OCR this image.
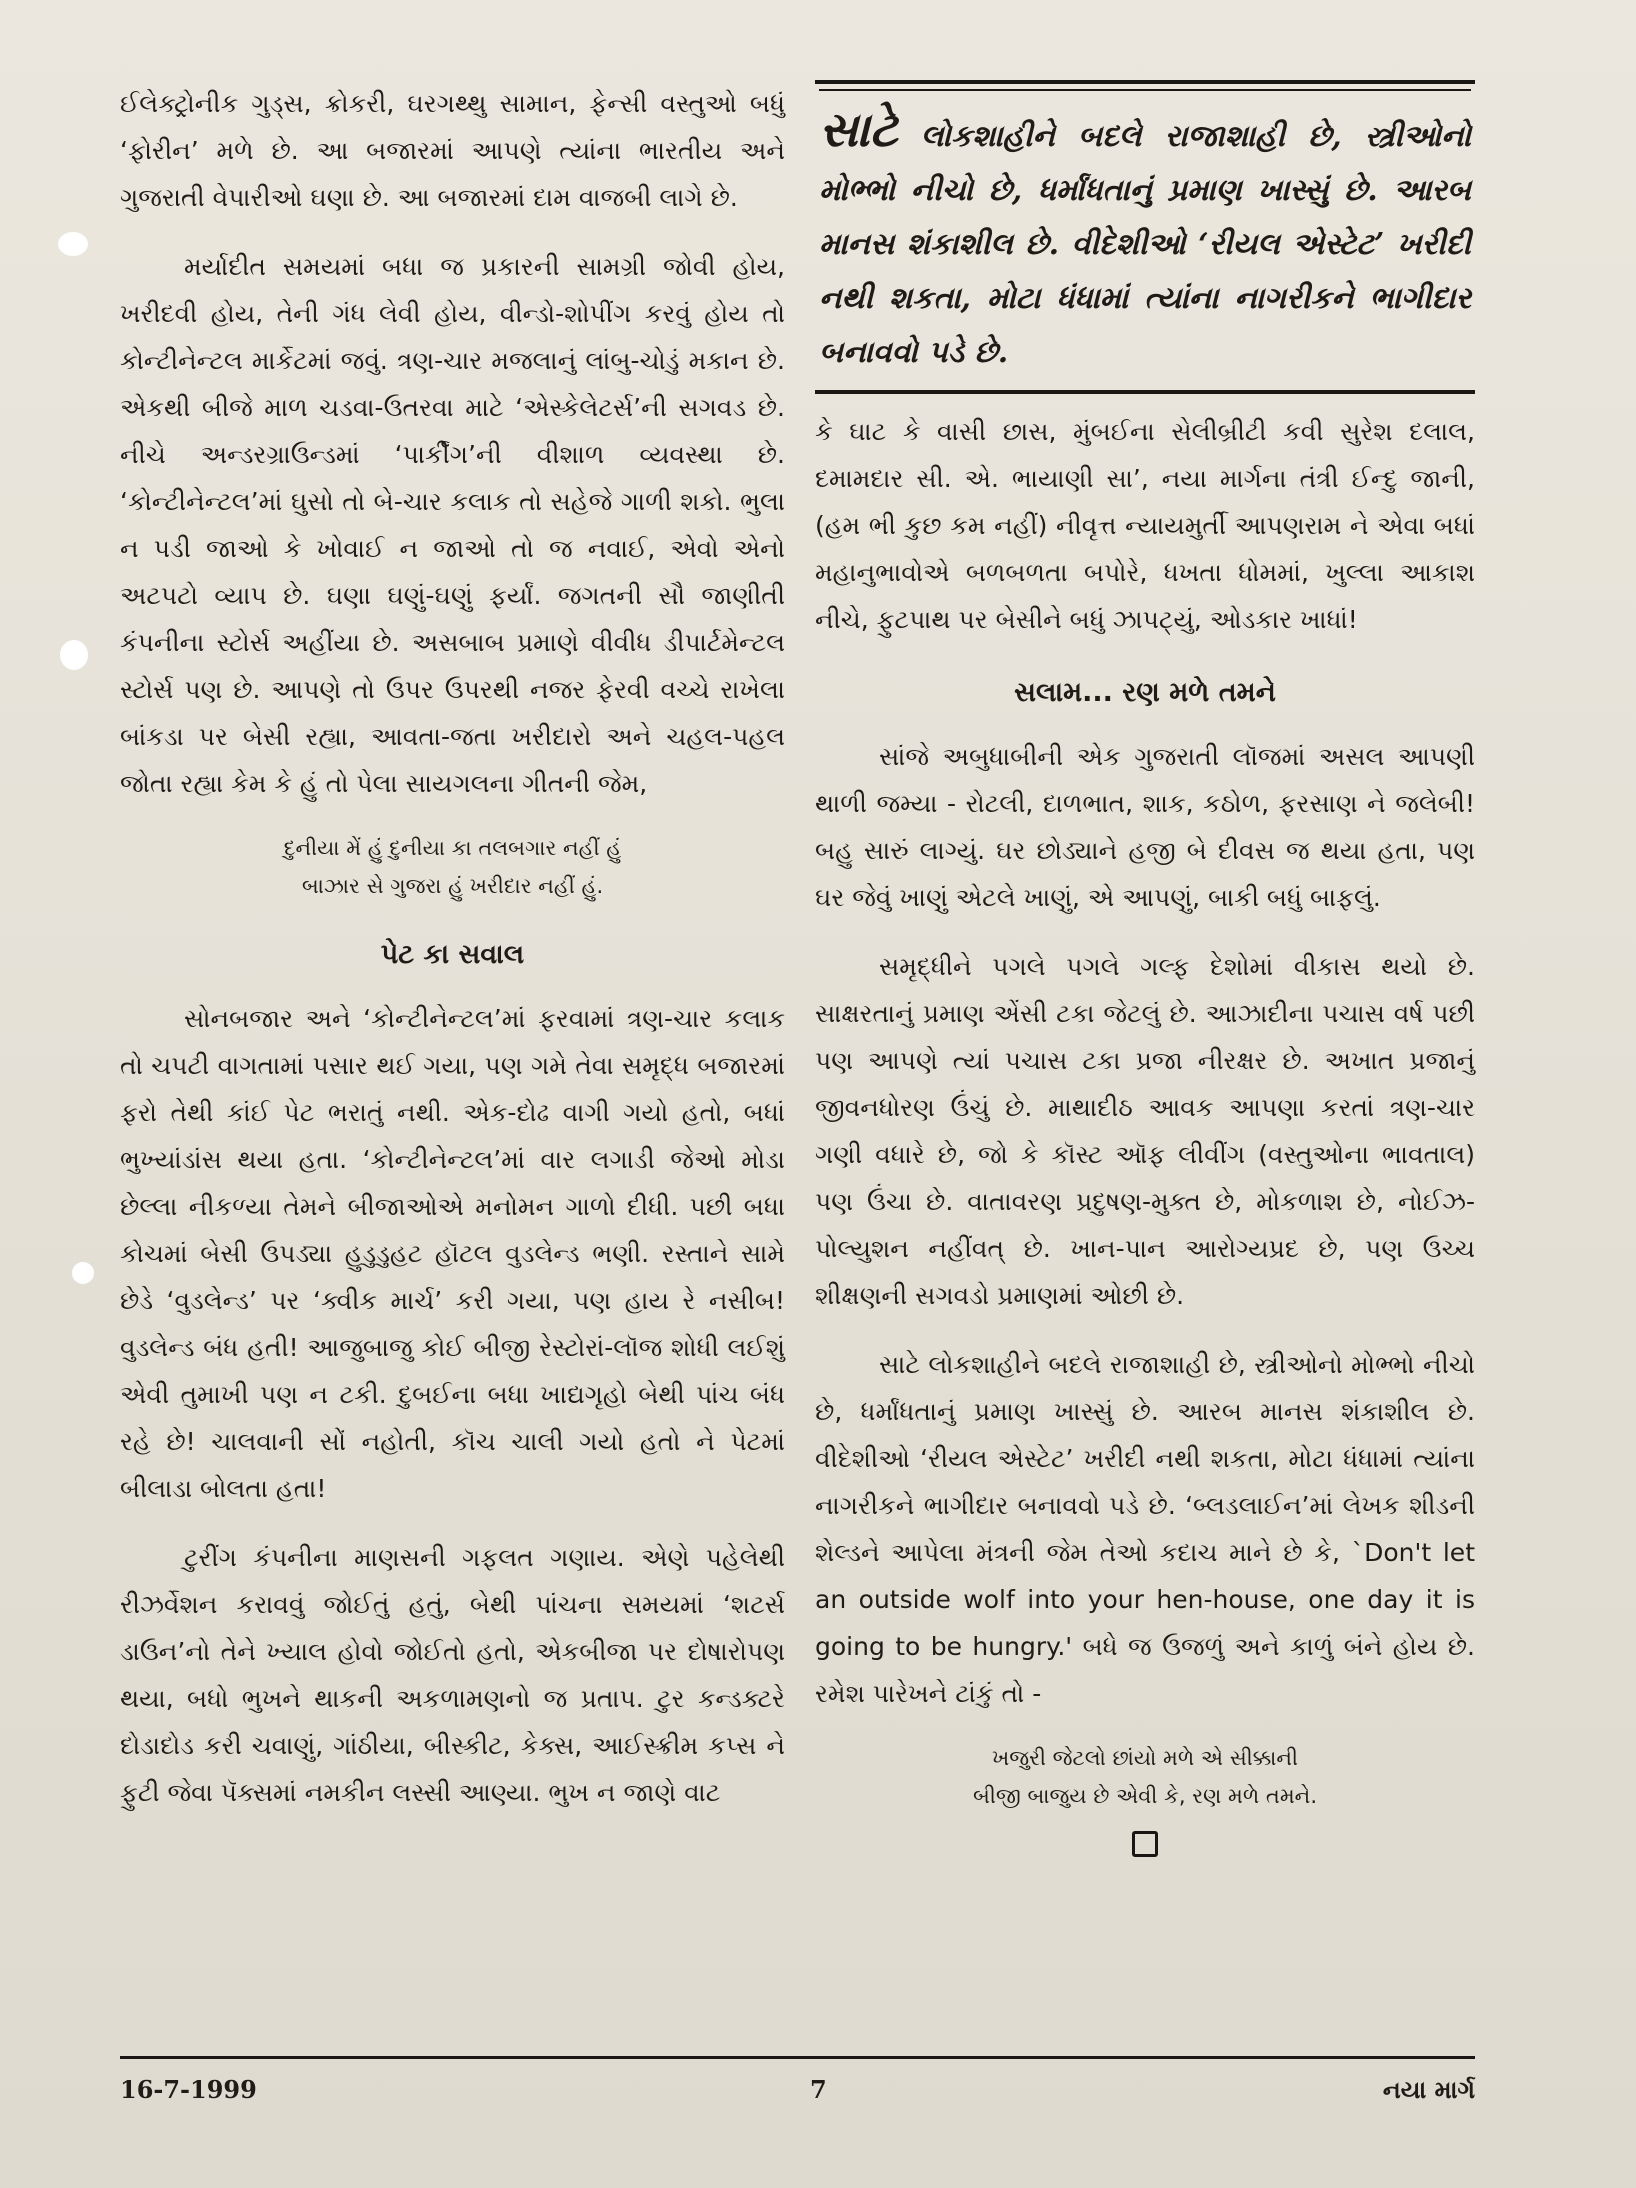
ઈલેક્ટ્રોનીક ગુડ્સ, ક્રોકરી, ઘરગથ્થુ સામાન, ફેન્સી વસ્તુઓ બધું ‘ફોરીન’ મળે છે. આ બજારમાં આપણે ત્યાંના ભારતીય અને ગુજરાતી વેપારીઓ ઘણા છે. આ બજારમાં દામ વાજબી લાગે છે.

મર્યાદીત સમયમાં બધા જ પ્રકારની સામગ્રી જોવી હોય, ખરીદવી હોય, તેની ગંધ લેવી હોય, વીન્ડો-શોપીંગ કરવું હોય તો કોન્ટીનેન્ટલ માર્કેટમાં જવું. ત્રણ-ચાર મજલાનું લાંબુ-ચોડું મકાન છે. એકથી બીજે માળ ચડવા-ઉતરવા માટે ‘એસ્કેલેટર્સ’ની સગવડ છે. નીચે અન્ડરગ્રાઉન્ડમાં ‘પાર્કીંગ’ની વીશાળ વ્યવસ્થા છે. ‘કોન્ટીનેન્ટલ’માં ઘુસો તો બે-ચાર કલાક તો સહેજે ગાળી શકો. ભુલા ન પડી જાઓ કે ખોવાઈ ન જાઓ તો જ નવાઈ, એવો એનો અટપટો વ્યાપ છે. ઘણા ઘણું-ઘણું ફર્યાં. જગતની સૌ જાણીતી કંપનીના સ્ટોર્સ અહીંયા છે. અસબાબ પ્રમાણે વીવીધ ડીપાર્ટમેન્ટલ સ્ટોર્સ પણ છે. આપણે તો ઉપર ઉપરથી નજર ફેરવી વચ્ચે રાખેલા બાંકડા પર બેસી રહ્યા, આવતા-જતા ખરીદારો અને ચહલ-પહલ જોતા રહ્યા કેમ કે હું તો પેલા સાયગલના ગીતની જેમ,

દુનીયા મેં હું દુનીયા કા તલબગાર નહીં હું
બાઝાર સે ગુજરા હું ખરીદાર નહીં હું.
પેટ કા સવાલ

સોનબજાર અને ‘કોન્ટીનેન્ટલ’માં ફરવામાં ત્રણ-ચાર કલાક તો ચપટી વાગતામાં પસાર થઈ ગયા, પણ ગમે તેવા સમૃદ્ધ બજારમાં ફરો તેથી કાંઈ પેટ ભરાતું નથી. એક-દોઢ વાગી ગયો હતો, બધાં ભુખ્યાંડાંસ થયા હતા. ‘કોન્ટીનેન્ટલ’માં વાર લગાડી જેઓ મોડા છેલ્લા નીકળ્યા તેમને બીજાઓએ મનોમન ગાળો દીધી. પછી બધા કોચમાં બેસી ઉપડ્યા હુડુડુહટ હૉટલ વુડલેન્ડ ભણી. રસ્તાને સામે છેડે ‘વુડલેન્ડ’ પર ‘ક્વીક માર્ચ’ કરી ગયા, પણ હાય રે નસીબ! વુડલેન્ડ બંધ હતી! આજુબાજુ કોઈ બીજી રેસ્ટોરાં-લૉજ શોધી લઈશું એવી તુમાખી પણ ન ટકી. દુબઈના બધા ખાદ્યગૃહો બેથી પાંચ બંધ રહે છે! ચાલવાની સોં નહોતી, કૉચ ચાલી ગયો હતો ને પેટમાં બીલાડા બોલતા હતા!

ટુરીંગ કંપનીના માણસની ગફલત ગણાય. એણે પહેલેથી રીઝર્વેશન કરાવવું જોઈતું હતું, બેથી પાંચના સમયમાં ‘શટર્સ ડાઉન’નો તેને ખ્યાલ હોવો જોઈતો હતો, એકબીજા પર દોષારોપણ થયા, બધો ભુખને થાકની અકળામણનો જ પ્રતાપ. ટુર કન્ડક્ટરે દોડાદોડ કરી ચવાણું, ગાંઠીયા, બીસ્કીટ, કેક્સ, આઈસ્ક્રીમ કપ્સ ને ફુટી જેવા પૅક્સમાં નમકીન લસ્સી આણ્યા. ભુખ ન જાણે વાટ

સાટે લોકશાહીને બદલે રાજાશાહી છે, સ્ત્રીઓનો મોભ્ભો નીચો છે, ધર્માંધતાનું પ્રમાણ ખાસ્સું છે. આરબ માનસ શંકાશીલ છે. વીદેશીઓ ‘રીયલ એસ્ટેટ’ ખરીદી નથી શકતા, મોટા ધંધામાં ત્યાંના નાગરીકને ભાગીદાર બનાવવો પડે છે.

કે ઘાટ કે વાસી છાસ, મુંબઈના સેલીબ્રીટી કવી સુરેશ દલાલ, દમામદાર સી. એ. ભાયાણી સા’, નયા માર્ગના તંત્રી ઈન્દુ જાની, (હમ ભી કુછ કમ નહીં) નીવૃત્ત ન્યાયમુર્તી આપણરામ ને એવા બધાં મહાનુભાવોએ બળબળતા બપોરે, ધખતા ધોમમાં, ખુલ્લા આકાશ નીચે, ફુટપાથ પર બેસીને બધું ઝાપટ્યું, ઓડકાર ખાધાં!

સલામ... રણ મળે તમને

સાંજે અબુધાબીની એક ગુજરાતી લૉજમાં અસલ આપણી થાળી જમ્યા - રોટલી, દાળભાત, શાક, કઠોળ, ફરસાણ ને જલેબી! બહુ સારું લાગ્યું. ઘર છોડ્યાને હજી બે દીવસ જ થયા હતા, પણ ઘર જેવું ખાણું એટલે ખાણું, એ આપણું, બાકી બધું બાફલું.

સમૃદ્ધીને પગલે પગલે ગલ્ફ દેશોમાં વીકાસ થયો છે. સાક્ષરતાનું પ્રમાણ એંસી ટકા જેટલું છે. આઝાદીના પચાસ વર્ષ પછી પણ આપણે ત્યાં પચાસ ટકા પ્રજા નીરક્ષર છે. અખાત પ્રજાનું જીવનધોરણ ઉંચું છે. માથાદીઠ આવક આપણા કરતાં ત્રણ-ચાર ગણી વધારે છે, જો કે કૉસ્ટ ઑફ લીવીંગ (વસ્તુઓના ભાવતાલ) પણ ઉંચા છે. વાતાવરણ પ્રદુષણ-મુક્ત છે, મોકળાશ છે, નોઈઝ-પોલ્યુશન નહીંવત્ છે. ખાન-પાન આરોગ્યપ્રદ છે, પણ ઉચ્ચ શીક્ષણની સગવડો પ્રમાણમાં ઓછી છે.

સાટે લોકશાહીને બદલે રાજાશાહી છે, સ્ત્રીઓનો મોભ્ભો નીચો છે, ધર્માંધતાનું પ્રમાણ ખાસ્સું છે. આરબ માનસ શંકાશીલ છે. વીદેશીઓ ‘રીયલ એસ્ટેટ’ ખરીદી નથી શકતા, મોટા ધંધામાં ત્યાંના નાગરીકને ભાગીદાર બનાવવો પડે છે. ‘બ્લડલાઈન’માં લેખક શીડની શેલ્ડને આપેલા મંત્રની જેમ તેઓ કદાચ માને છે કે, `Don't let an outside wolf into your hen-house, one day it is going to be hungry.' બધે જ ઉજળું અને કાળું બંને હોય છે. રમેશ પારેખને ટાંકું તો -

ખજુરી જેટલો છાંયો મળે એ સીક્કાની
બીજી બાજુય છે એવી કે, રણ મળે તમને.
16-7-1999	7	નયા માર્ગ
